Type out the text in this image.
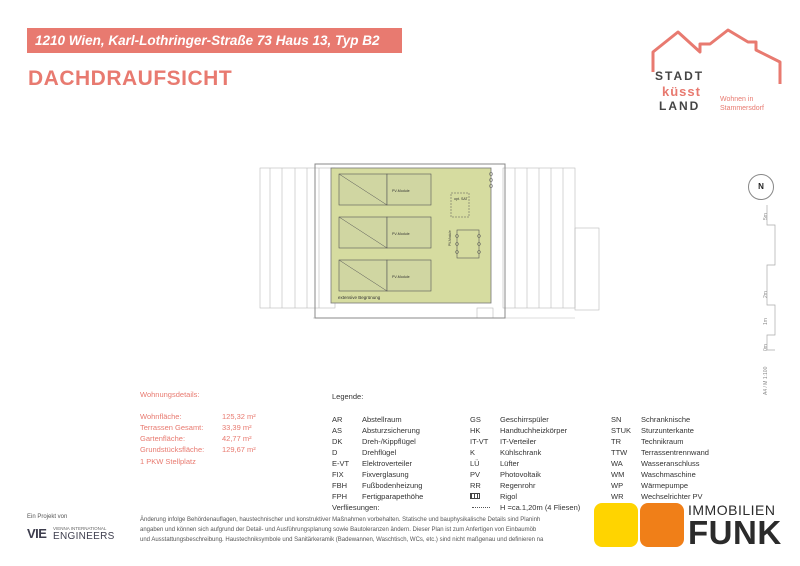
1210 Wien, Karl-Lothringer-Straße 73 Haus 13, Typ B2
DACHDRAUFSICHT	STADT
küsst
LAND	Wohnen in Stammersdorf
PV-Module
PV-Module
PV-Module
opt. SAT
PV-Module
extensive Begrünung
N
5m
2m
1m
0m
A4 / M 1:100
Wohnungsdetails:
Wohnfläche:	125,32 m²
Terrassen Gesamt:	33,39 m²
Gartenfläche:	42,77 m²
Grundstücksfläche:	129,67 m²
1 PKW Stellplatz
Legende:
AR	Abstellraum
AS	Absturzsicherung
DK	Dreh-/Kippflügel
D	Drehflügel
E-VT	Elektroverteiler
FIX	Fixverglasung
FBH	Fußbodenheizung
FPH	Fertigparapethöhe
GS	Geschirrspüler
HK	Handtuchheizkörper
IT-VT	IT-Verteiler
K	Kühlschrank
LÜ	Lüfter
PV	Photovoltaik
RR	Regenrohr
Rigol
SN	Schranknische
STUK	Sturzunterkante
TR	Technikraum
TTW	Terrassentrennwand
WA	Wasseranschluss
WM	Waschmaschine
WP	Wärmepumpe
WR	Wechselrichter PV
Verfliesungen:	H =ca.1,20m (4 Fliesen)
Änderung infolge Behördenauflagen, haustechnischer und konstruktiver Maßnahmen vorbehalten. Statische und bauphysikalische Details sind Planinh
angaben und können sich aufgrund der Detail- und Ausführungsplanung sowie Bautoleranzen ändern. Dieser Plan ist zum Anfertigen von Einbaumöb
und Ausstattungsbeschreibung. Haustechniksymbole und Sanitärkeramik (Badewannen, Waschtisch, WCs, etc.) sind nicht maßgenau und definieren na
Ein Projekt von
VIE VIENNA INTERNATIONAL
ENGINEERS
IMMOBILIEN
FUNK
